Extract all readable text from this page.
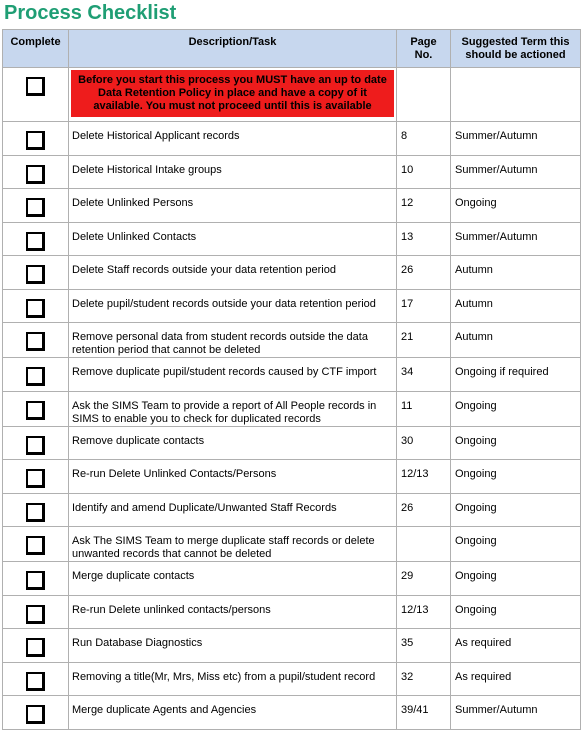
Process Checklist
Complete	Description/Task	Page No.	Suggested Term this should be actioned

	Before you start this process you MUST have an up to date Data Retention Policy in place and have a copy of it available. You must not proceed until this is available		

	Delete Historical Applicant records	8	Summer/Autumn
	Delete Historical Intake groups	10	Summer/Autumn
	Delete Unlinked Persons	12	Ongoing
	Delete Unlinked Contacts	13	Summer/Autumn
	Delete Staff records outside your data retention period	26	Autumn
	Delete pupil/student records outside your data retention period	17	Autumn
	Remove personal data from student records outside the data retention period that cannot be deleted	21	Autumn
	Remove duplicate pupil/student records caused by CTF import	34	Ongoing if required
	Ask the SIMS Team to provide a report of All People records in SIMS to enable you to check for duplicated records	11	Ongoing
	Remove duplicate contacts	30	Ongoing
	Re-run Delete Unlinked Contacts/Persons	12/13	Ongoing
	Identify and amend Duplicate/Unwanted Staff Records	26	Ongoing
	Ask The SIMS Team to merge duplicate staff records or delete unwanted records that cannot be deleted		Ongoing
	Merge duplicate contacts	29	Ongoing
	Re-run Delete unlinked contacts/persons	12/13	Ongoing
	Run Database Diagnostics	35	As required
	Removing a title(Mr, Mrs, Miss etc) from a pupil/student record	32	As required
	Merge duplicate Agents and Agencies	39/41	Summer/Autumn
